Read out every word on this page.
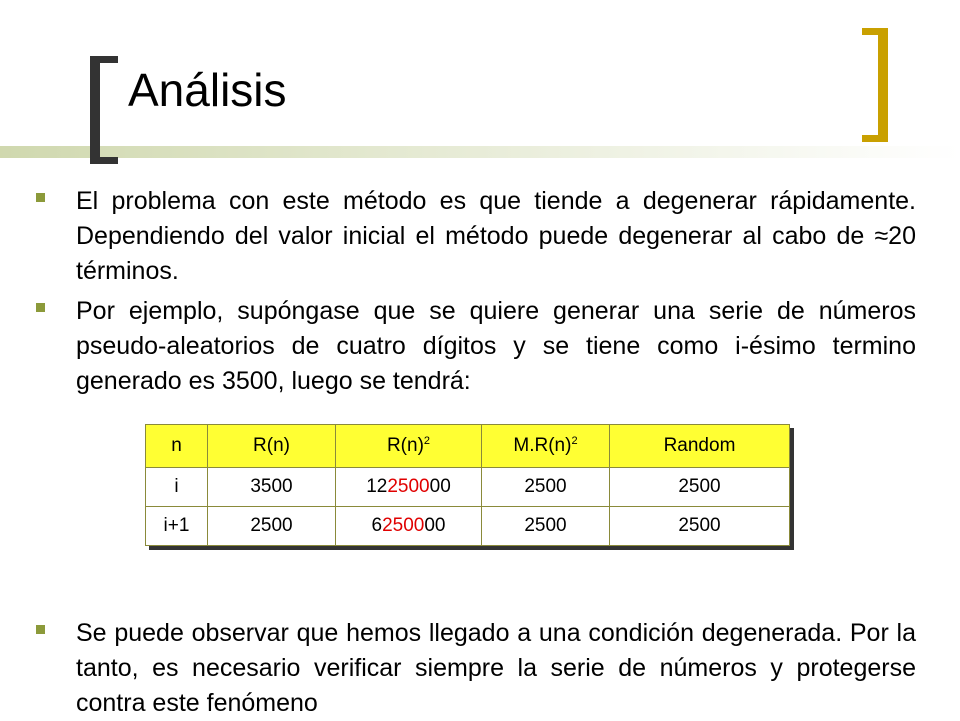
Análisis

El problema con este método es que tiende a degenerar rápidamente. Dependiendo del valor inicial el método puede degenerar al cabo de ≈20 términos.

Por ejemplo, supóngase que se quiere generar una serie de números pseudo-aleatorios de cuatro dígitos y se tiene como i-ésimo termino generado es 3500, luego se tendrá:

n	R(n)	$R(n)^2$	$M.R(n)^2$	Random
i	3500	12250000	2500	2500
i+1	2500	6250000	2500	2500

Se puede observar que hemos llegado a una condición degenerada. Por la tanto, es necesario verificar siempre la serie de números y protegerse contra este fenómeno
